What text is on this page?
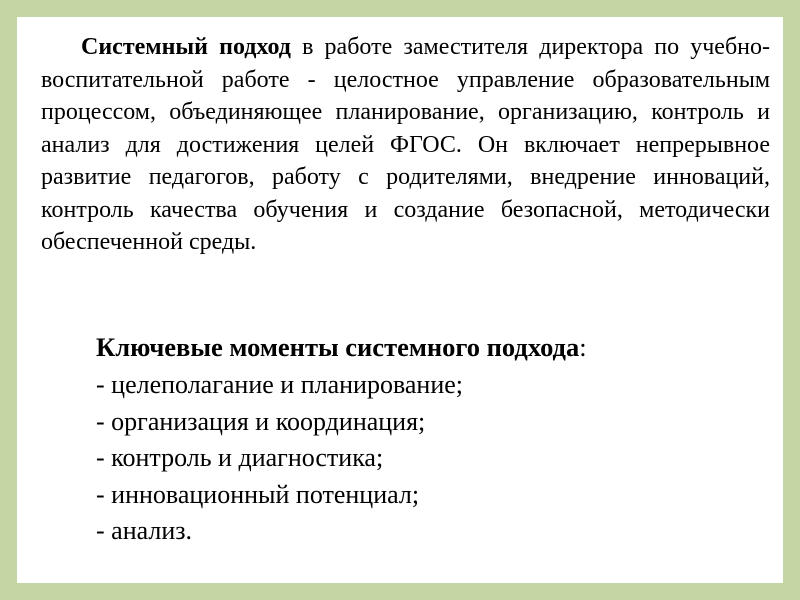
Системный подход в работе заместителя директора по учебно-воспитательной работе - целостное управление образовательным процессом, объединяющее планирование, организацию, контроль и анализ для достижения целей ФГОС. Он включает непрерывное развитие педагогов, работу с родителями, внедрение инноваций, контроль качества обучения и создание безопасной, методически обеспеченной среды.

Ключевые моменты системного подхода:
- целеполагание и планирование;
- организация и координация;
- контроль и диагностика;
- инновационный потенциал;
- анализ.
